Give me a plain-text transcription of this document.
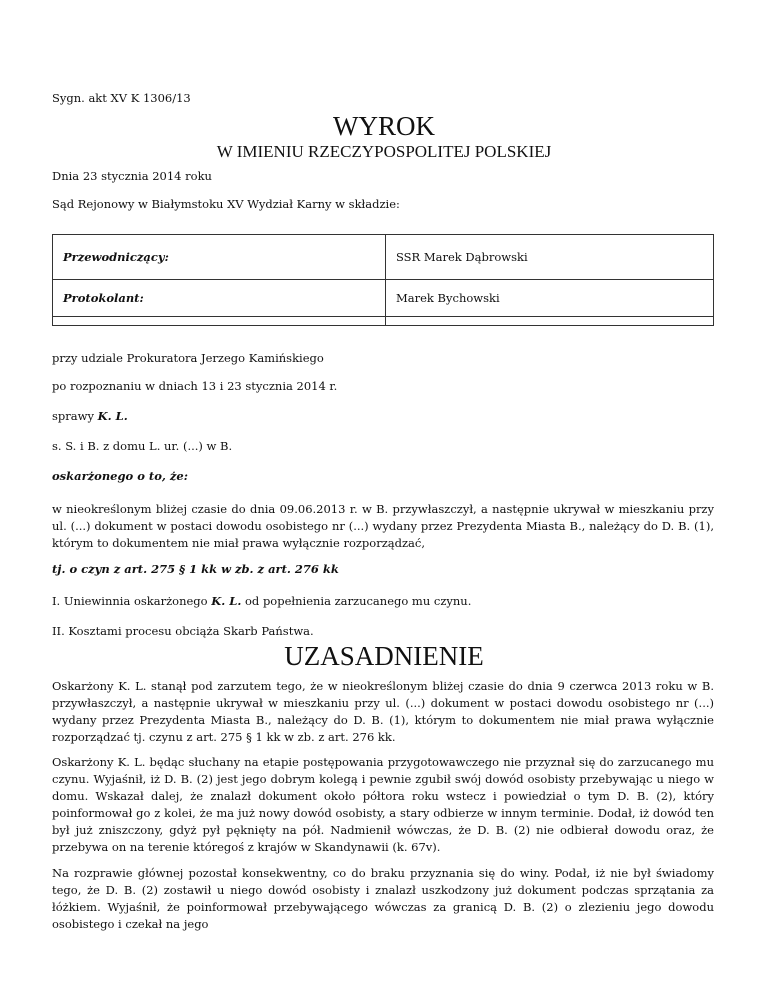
Sygn. akt XV K 1306/13

WYROK
W IMIENIU RZECZYPOSPOLITEJ POLSKIEJ

Dnia 23 stycznia 2014 roku

Sąd Rejonowy w Białymstoku XV Wydział Karny w składzie:

Przewodniczący:	SSR Marek Dąbrowski
Protokolant:	Marek Bychowski

przy udziale Prokuratora Jerzego Kamińskiego

po rozpoznaniu w dniach 13 i 23 stycznia 2014 r.

sprawy K. L.

s. S. i B. z domu L. ur. (...) w B.

oskarżonego o to, że:

w nieokreślonym bliżej czasie do dnia 09.06.2013 r. w B. przywłaszczył, a następnie ukrywał w mieszkaniu przy ul. (...) dokument w postaci dowodu osobistego nr (...) wydany przez Prezydenta Miasta B., należący do D. B. (1), którym to dokumentem nie miał prawa wyłącznie rozporządzać,

tj. o czyn z art. 275 § 1 kk w zb. z art. 276 kk

I. Uniewinnia oskarżonego K. L. od popełnienia zarzucanego mu czynu.

II. Kosztami procesu obciąża Skarb Państwa.

UZASADNIENIE

Oskarżony K. L. stanął pod zarzutem tego, że w nieokreślonym bliżej czasie do dnia 9 czerwca 2013 roku w B. przywłaszczył, a następnie ukrywał w mieszkaniu przy ul. (...) dokument w postaci dowodu osobistego nr (...) wydany przez Prezydenta Miasta B., należący do D. B. (1), którym to dokumentem nie miał prawa wyłącznie rozporządzać tj. czynu z art. 275 § 1 kk w zb. z art. 276 kk.

Oskarżony K. L. będąc słuchany na etapie postępowania przygotowawczego nie przyznał się do zarzucanego mu czynu. Wyjaśnił, iż D. B. (2) jest jego dobrym kolegą i pewnie zgubił swój dowód osobisty przebywając u niego w domu. Wskazał dalej, że znalazł dokument około półtora roku wstecz i powiedział o tym D. B. (2), który poinformował go z kolei, że ma już nowy dowód osobisty, a stary odbierze w innym terminie. Dodał, iż dowód ten był już zniszczony, gdyż pył pęknięty na pół. Nadmienił wówczas, że D. B. (2) nie odbierał dowodu oraz, że przebywa on na terenie któregoś z krajów w Skandynawii (k. 67v).

Na rozprawie głównej pozostał konsekwentny, co do braku przyznania się do winy. Podał, iż nie był świadomy tego, że D. B. (2) zostawił u niego dowód osobisty i znalazł uszkodzony już dokument podczas sprzątania za łóżkiem. Wyjaśnił, że poinformował przebywającego wówczas za granicą D. B. (2) o zlezieniu jego dowodu osobistego i czekał na jego
